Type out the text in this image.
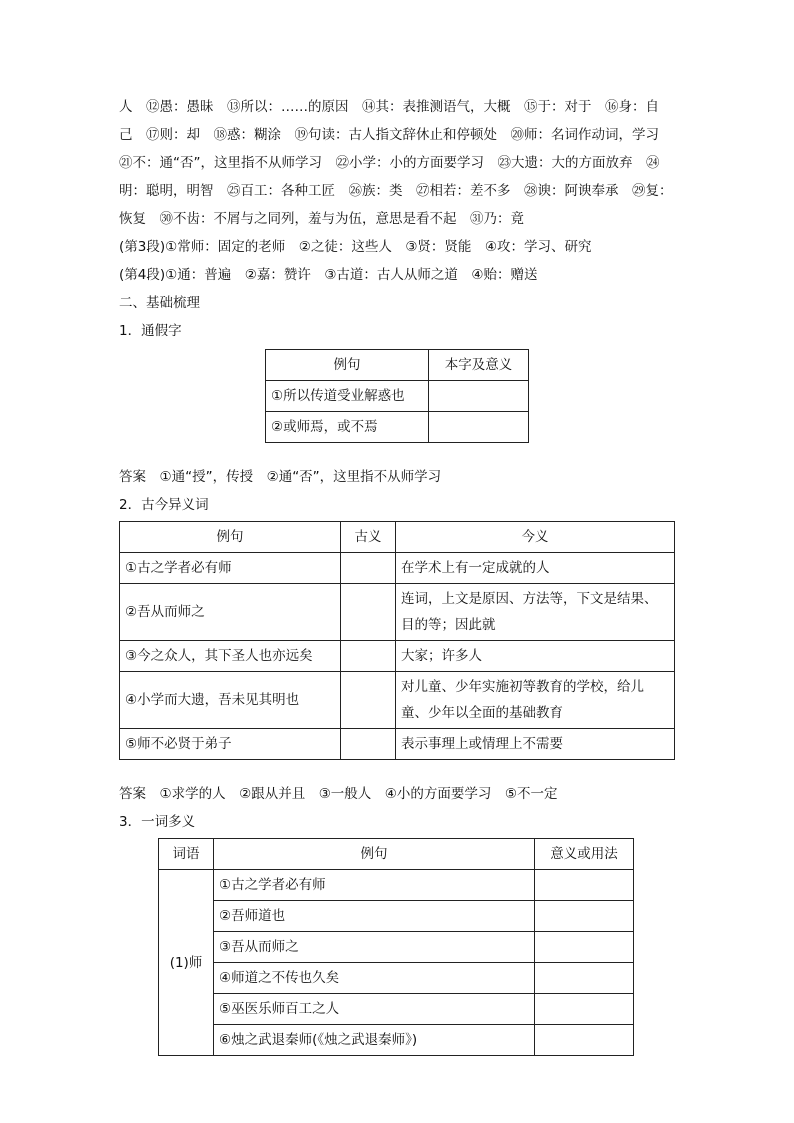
人　⑫愚：愚昧　⑬所以：……的原因　⑭其：表推测语气，大概　⑮于：对于　⑯身：自
己　⑰则：却　⑱惑：糊涂　⑲句读：古人指文辞休止和停顿处　⑳师：名词作动词，学习
㉑不：通“否”，这里指不从师学习　㉒小学：小的方面要学习　㉓大遗：大的方面放弃　㉔
明：聪明，明智　㉕百工：各种工匠　㉖族：类　㉗相若：差不多　㉘谀：阿谀奉承　㉙复：
恢复　㉚不齿：不屑与之同列，羞与为伍，意思是看不起　㉛乃：竟
(第3段)①常师：固定的老师　②之徒：这些人　③贤：贤能　④攻：学习、研究
(第4段)①通：普遍　②嘉：赞许　③古道：古人从师之道　④贻：赠送
二、基础梳理
1．通假字
例句	本字及意义
①所以传道受业解惑也	
②或师焉，或不焉	
答案　①通“授”，传授　②通“否”，这里指不从师学习
2．古今异义词
例句	古义	今义
①古之学者必有师		在学术上有一定成就的人
②吾从而师之		连词，上文是原因、方法等，下文是结果、目的等；因此就
③今之众人，其下圣人也亦远矣		大家；许多人
④小学而大遗，吾未见其明也		对儿童、少年实施初等教育的学校，给儿童、少年以全面的基础教育
⑤师不必贤于弟子		表示事理上或情理上不需要
答案　①求学的人　②跟从并且　③一般人　④小的方面要学习　⑤不一定
3．一词多义
词语	例句	意义或用法
(1)师	①古之学者必有师	
	②吾师道也	
	③吾从而师之	
	④师道之不传也久矣	
	⑤巫医乐师百工之人	
	⑥烛之武退秦师(《烛之武退秦师》)	
